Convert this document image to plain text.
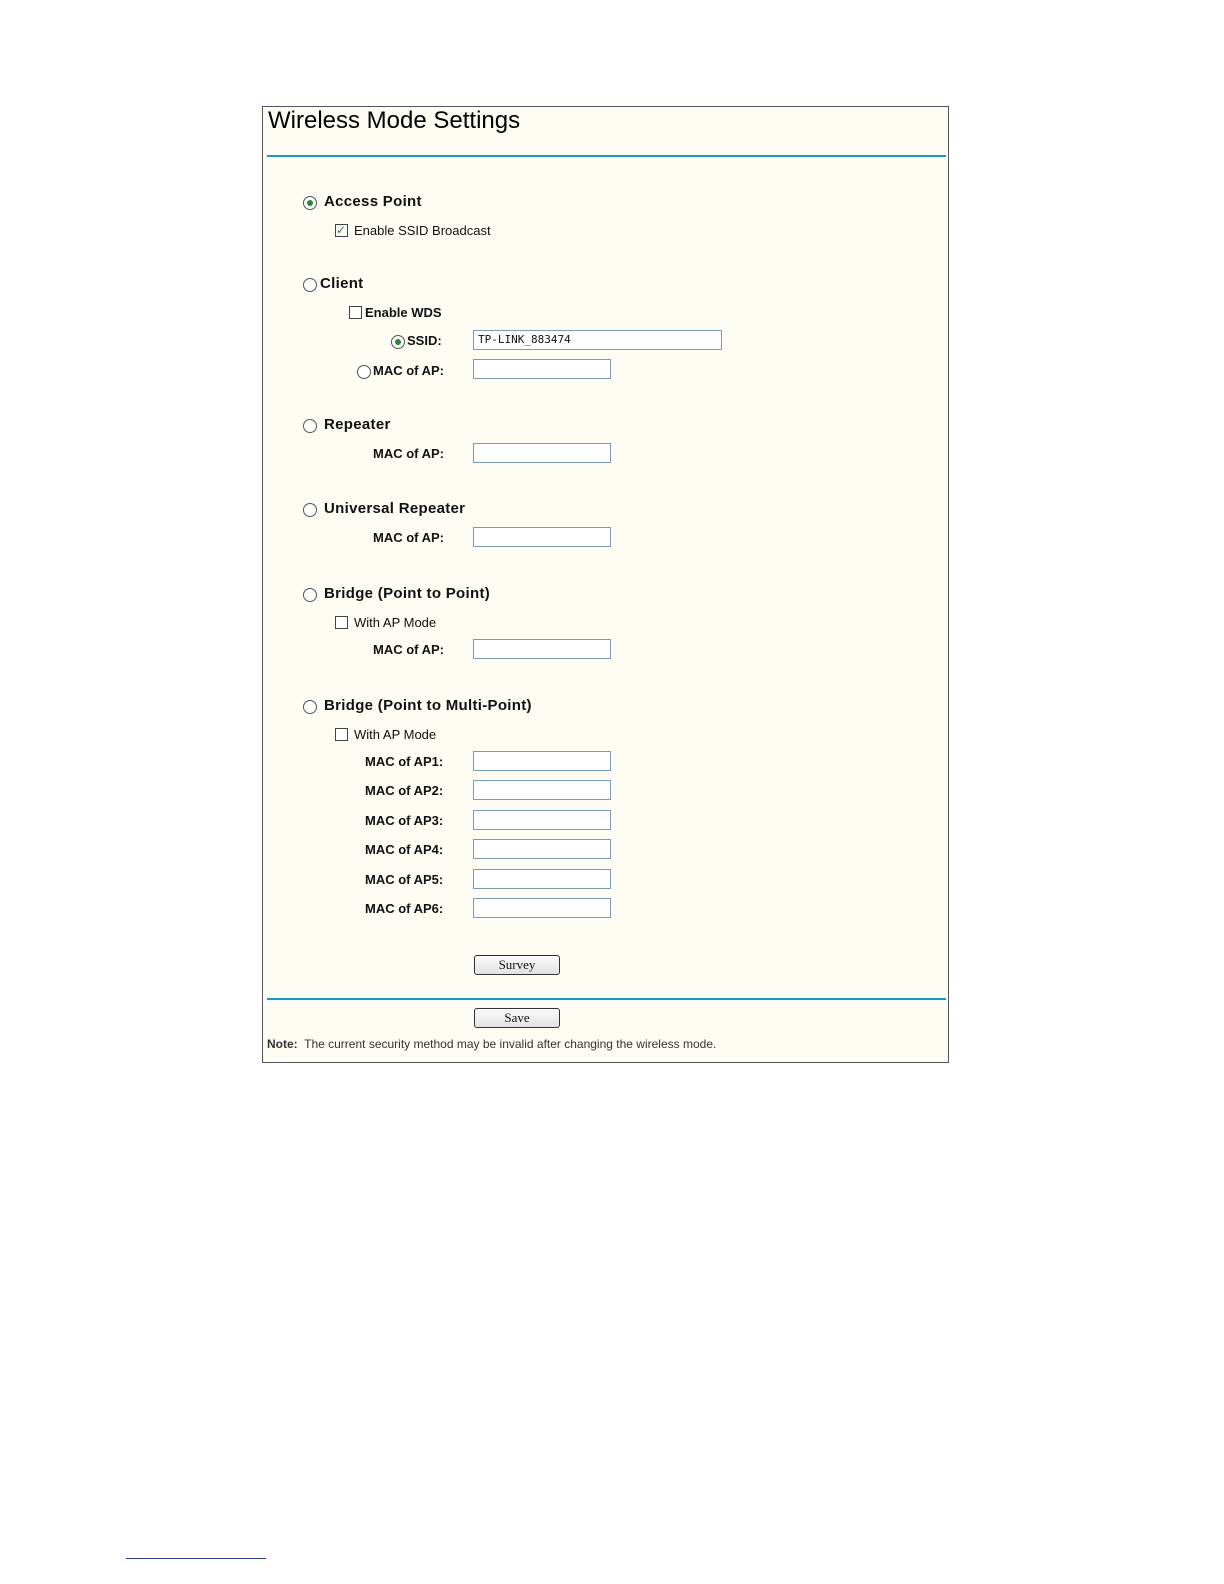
Wireless Mode Settings
Access Point
✓ Enable SSID Broadcast
Client
Enable WDS
SSID:	TP-LINK_883474
MAC of AP:
Repeater
MAC of AP:
Universal Repeater
MAC of AP:
Bridge (Point to Point)
With AP Mode
MAC of AP:
Bridge (Point to Multi-Point)
With AP Mode
MAC of AP1:
MAC of AP2:
MAC of AP3:
MAC of AP4:
MAC of AP5:
MAC of AP6:
Survey
Save
Note: The current security method may be invalid after changing the wireless mode.
